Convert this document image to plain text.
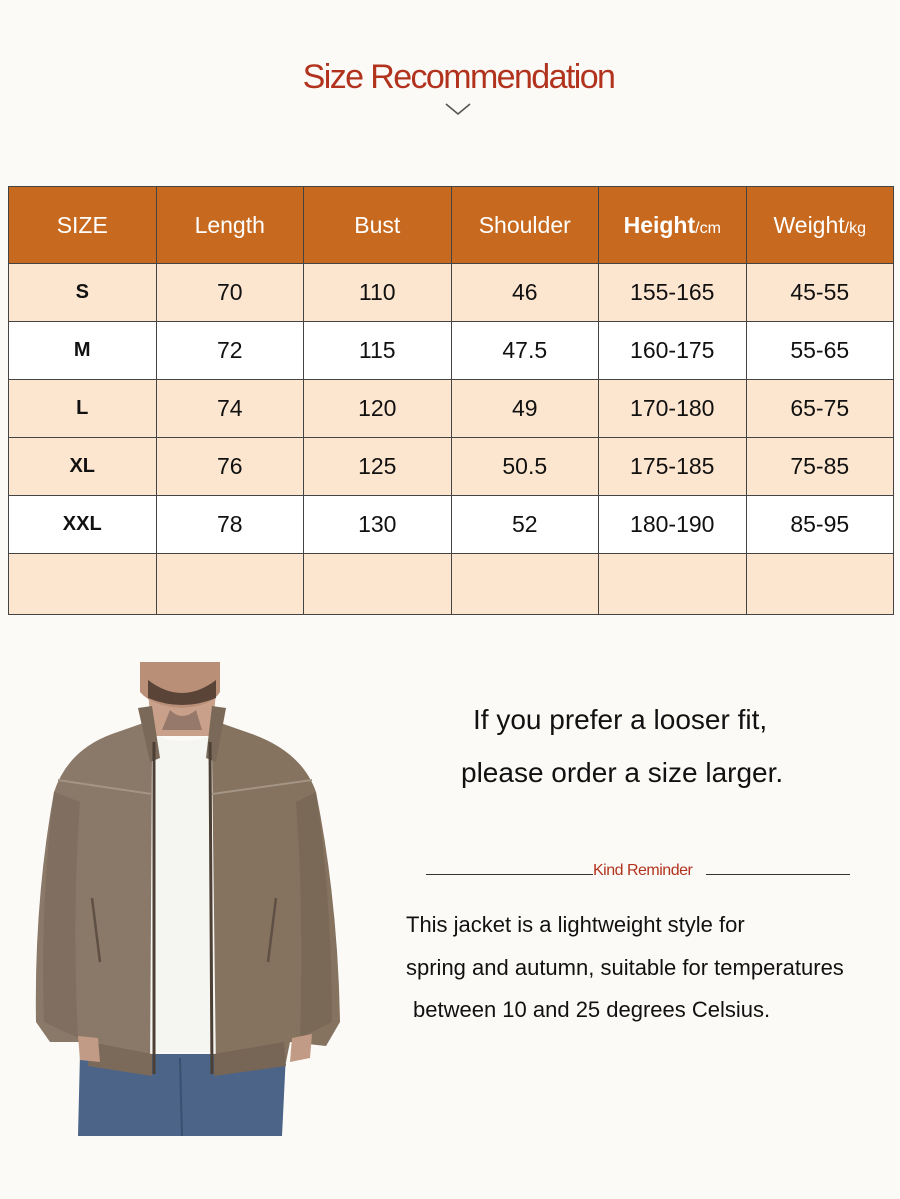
Size Recommendation
SIZE	Length	Bust	Shoulder	Height/cm	Weight/kg
S	70	110	46	155-165	45-55
M	72	115	47.5	160-175	55-65
L	74	120	49	170-180	65-75
XL	76	125	50.5	175-185	75-85
XXL	78	130	52	180-190	85-95

If you prefer a looser fit,
please order a size larger.
Kind Reminder
This jacket is a lightweight style for
spring and autumn, suitable for temperatures
between 10 and 25 degrees Celsius.
